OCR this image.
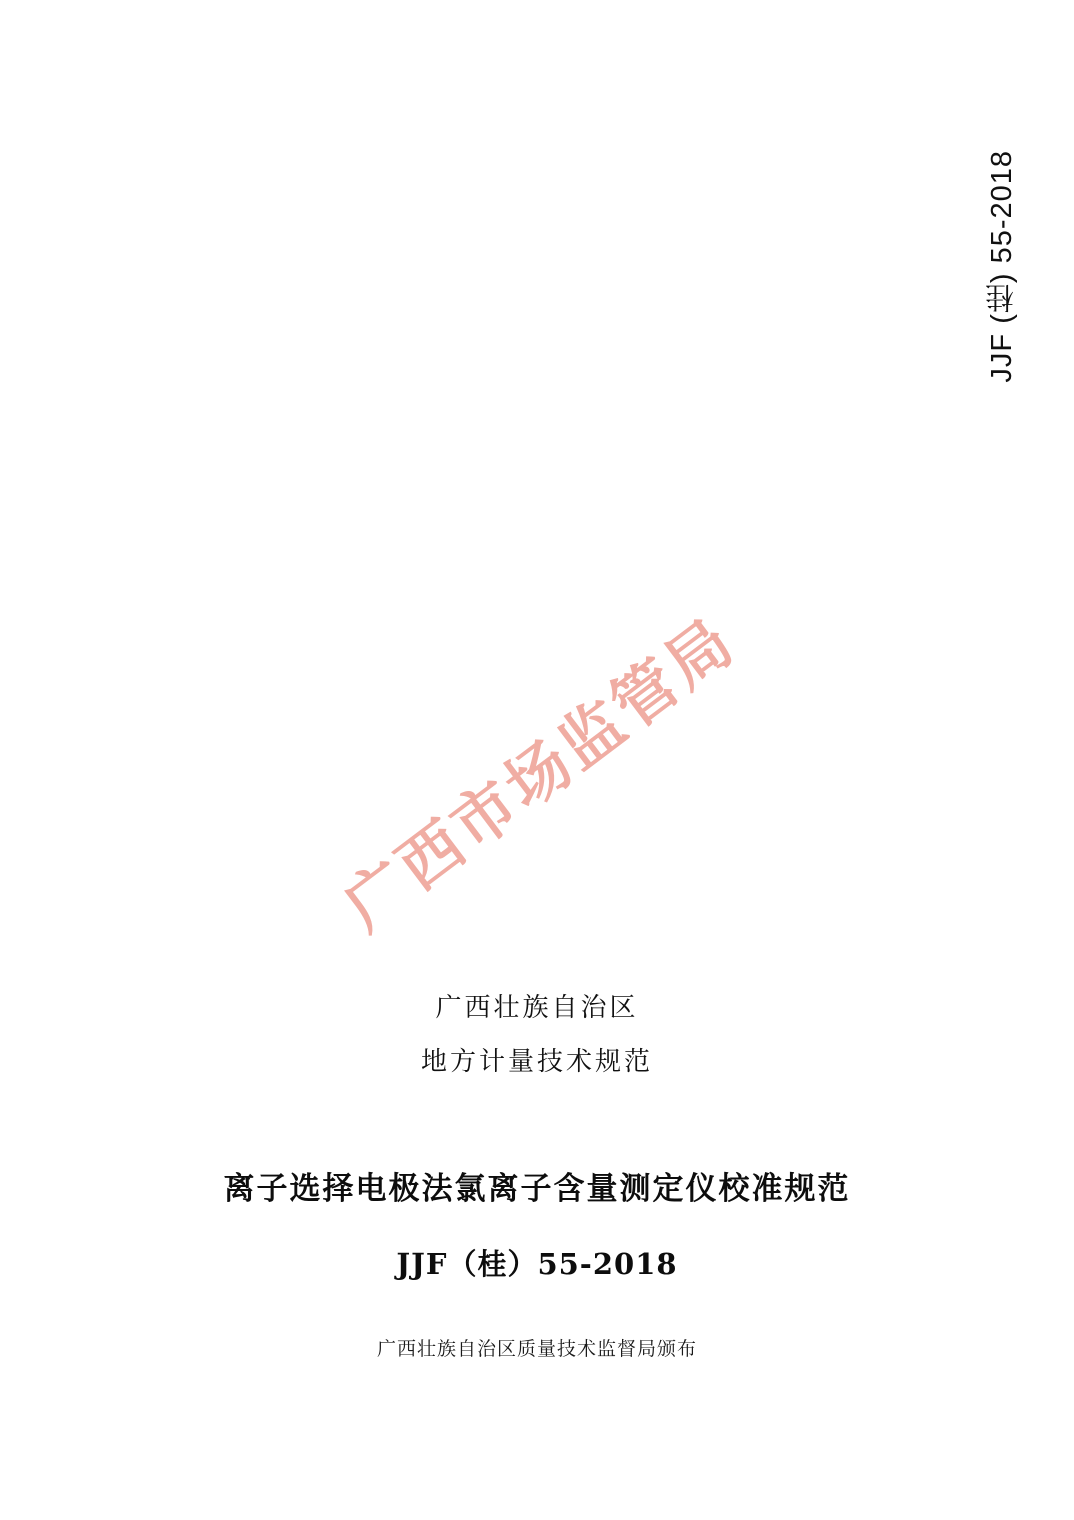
JJF (桂) 55-2018
广西市场监管局
广西壮族自治区
地方计量技术规范
离子选择电极法氯离子含量测定仪校准规范
JJF（桂）55-2018
广西壮族自治区质量技术监督局颁布
